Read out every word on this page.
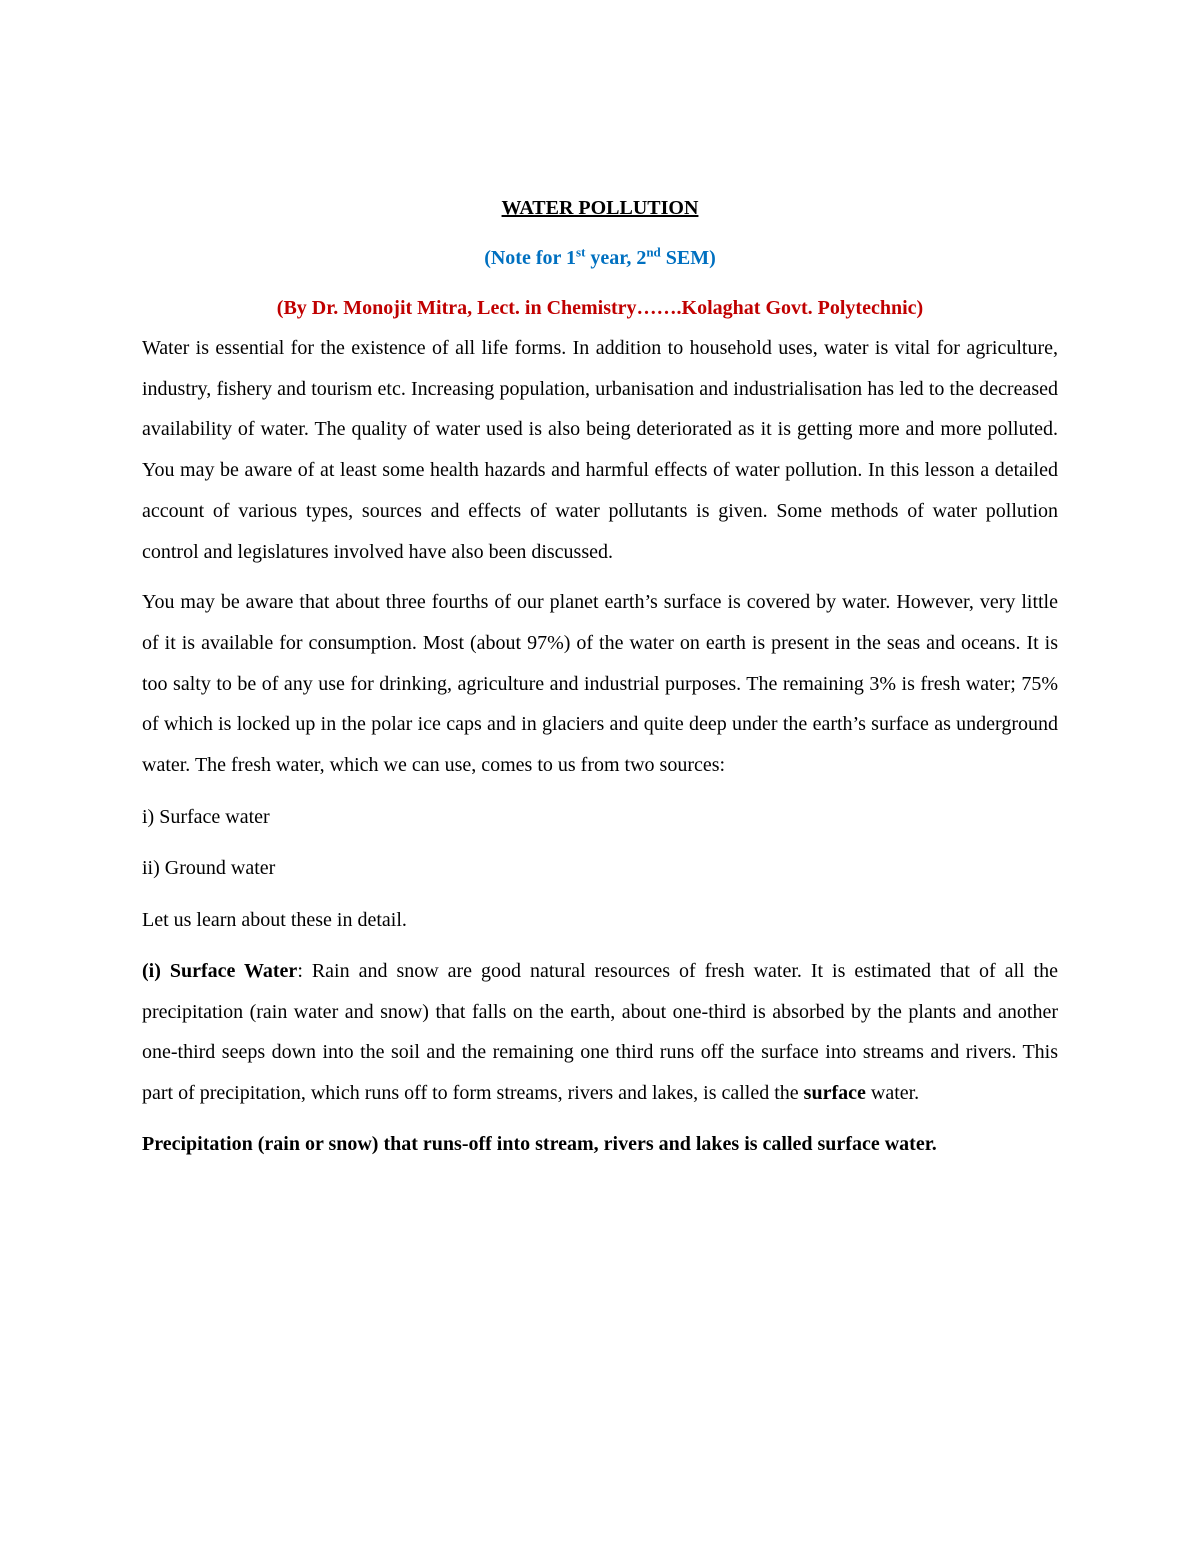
WATER POLLUTION
(Note for 1st year, 2nd SEM)
(By Dr. Monojit Mitra, Lect. in Chemistry…….Kolaghat Govt. Polytechnic)

Water is essential for the existence of all life forms. In addition to household uses, water is vital for agriculture, industry, fishery and tourism etc. Increasing population, urbanisation and industrialisation has led to the decreased availability of water. The quality of water used is also being deteriorated as it is getting more and more polluted. You may be aware of at least some health hazards and harmful effects of water pollution. In this lesson a detailed account of various types, sources and effects of water pollutants is given. Some methods of water pollution control and legislatures involved have also been discussed.

You may be aware that about three fourths of our planet earth’s surface is covered by water. However, very little of it is available for consumption. Most (about 97%) of the water on earth is present in the seas and oceans. It is too salty to be of any use for drinking, agriculture and industrial purposes. The remaining 3% is fresh water; 75% of which is locked up in the polar ice caps and in glaciers and quite deep under the earth’s surface as underground water. The fresh water, which we can use, comes to us from two sources:

i) Surface water

ii) Ground water

Let us learn about these in detail.

(i) Surface Water: Rain and snow are good natural resources of fresh water. It is estimated that of all the precipitation (rain water and snow) that falls on the earth, about one-third is absorbed by the plants and another one-third seeps down into the soil and the remaining one third runs off the surface into streams and rivers. This part of precipitation, which runs off to form streams, rivers and lakes, is called the surface water.

Precipitation (rain or snow) that runs-off into stream, rivers and lakes is called surface water.
